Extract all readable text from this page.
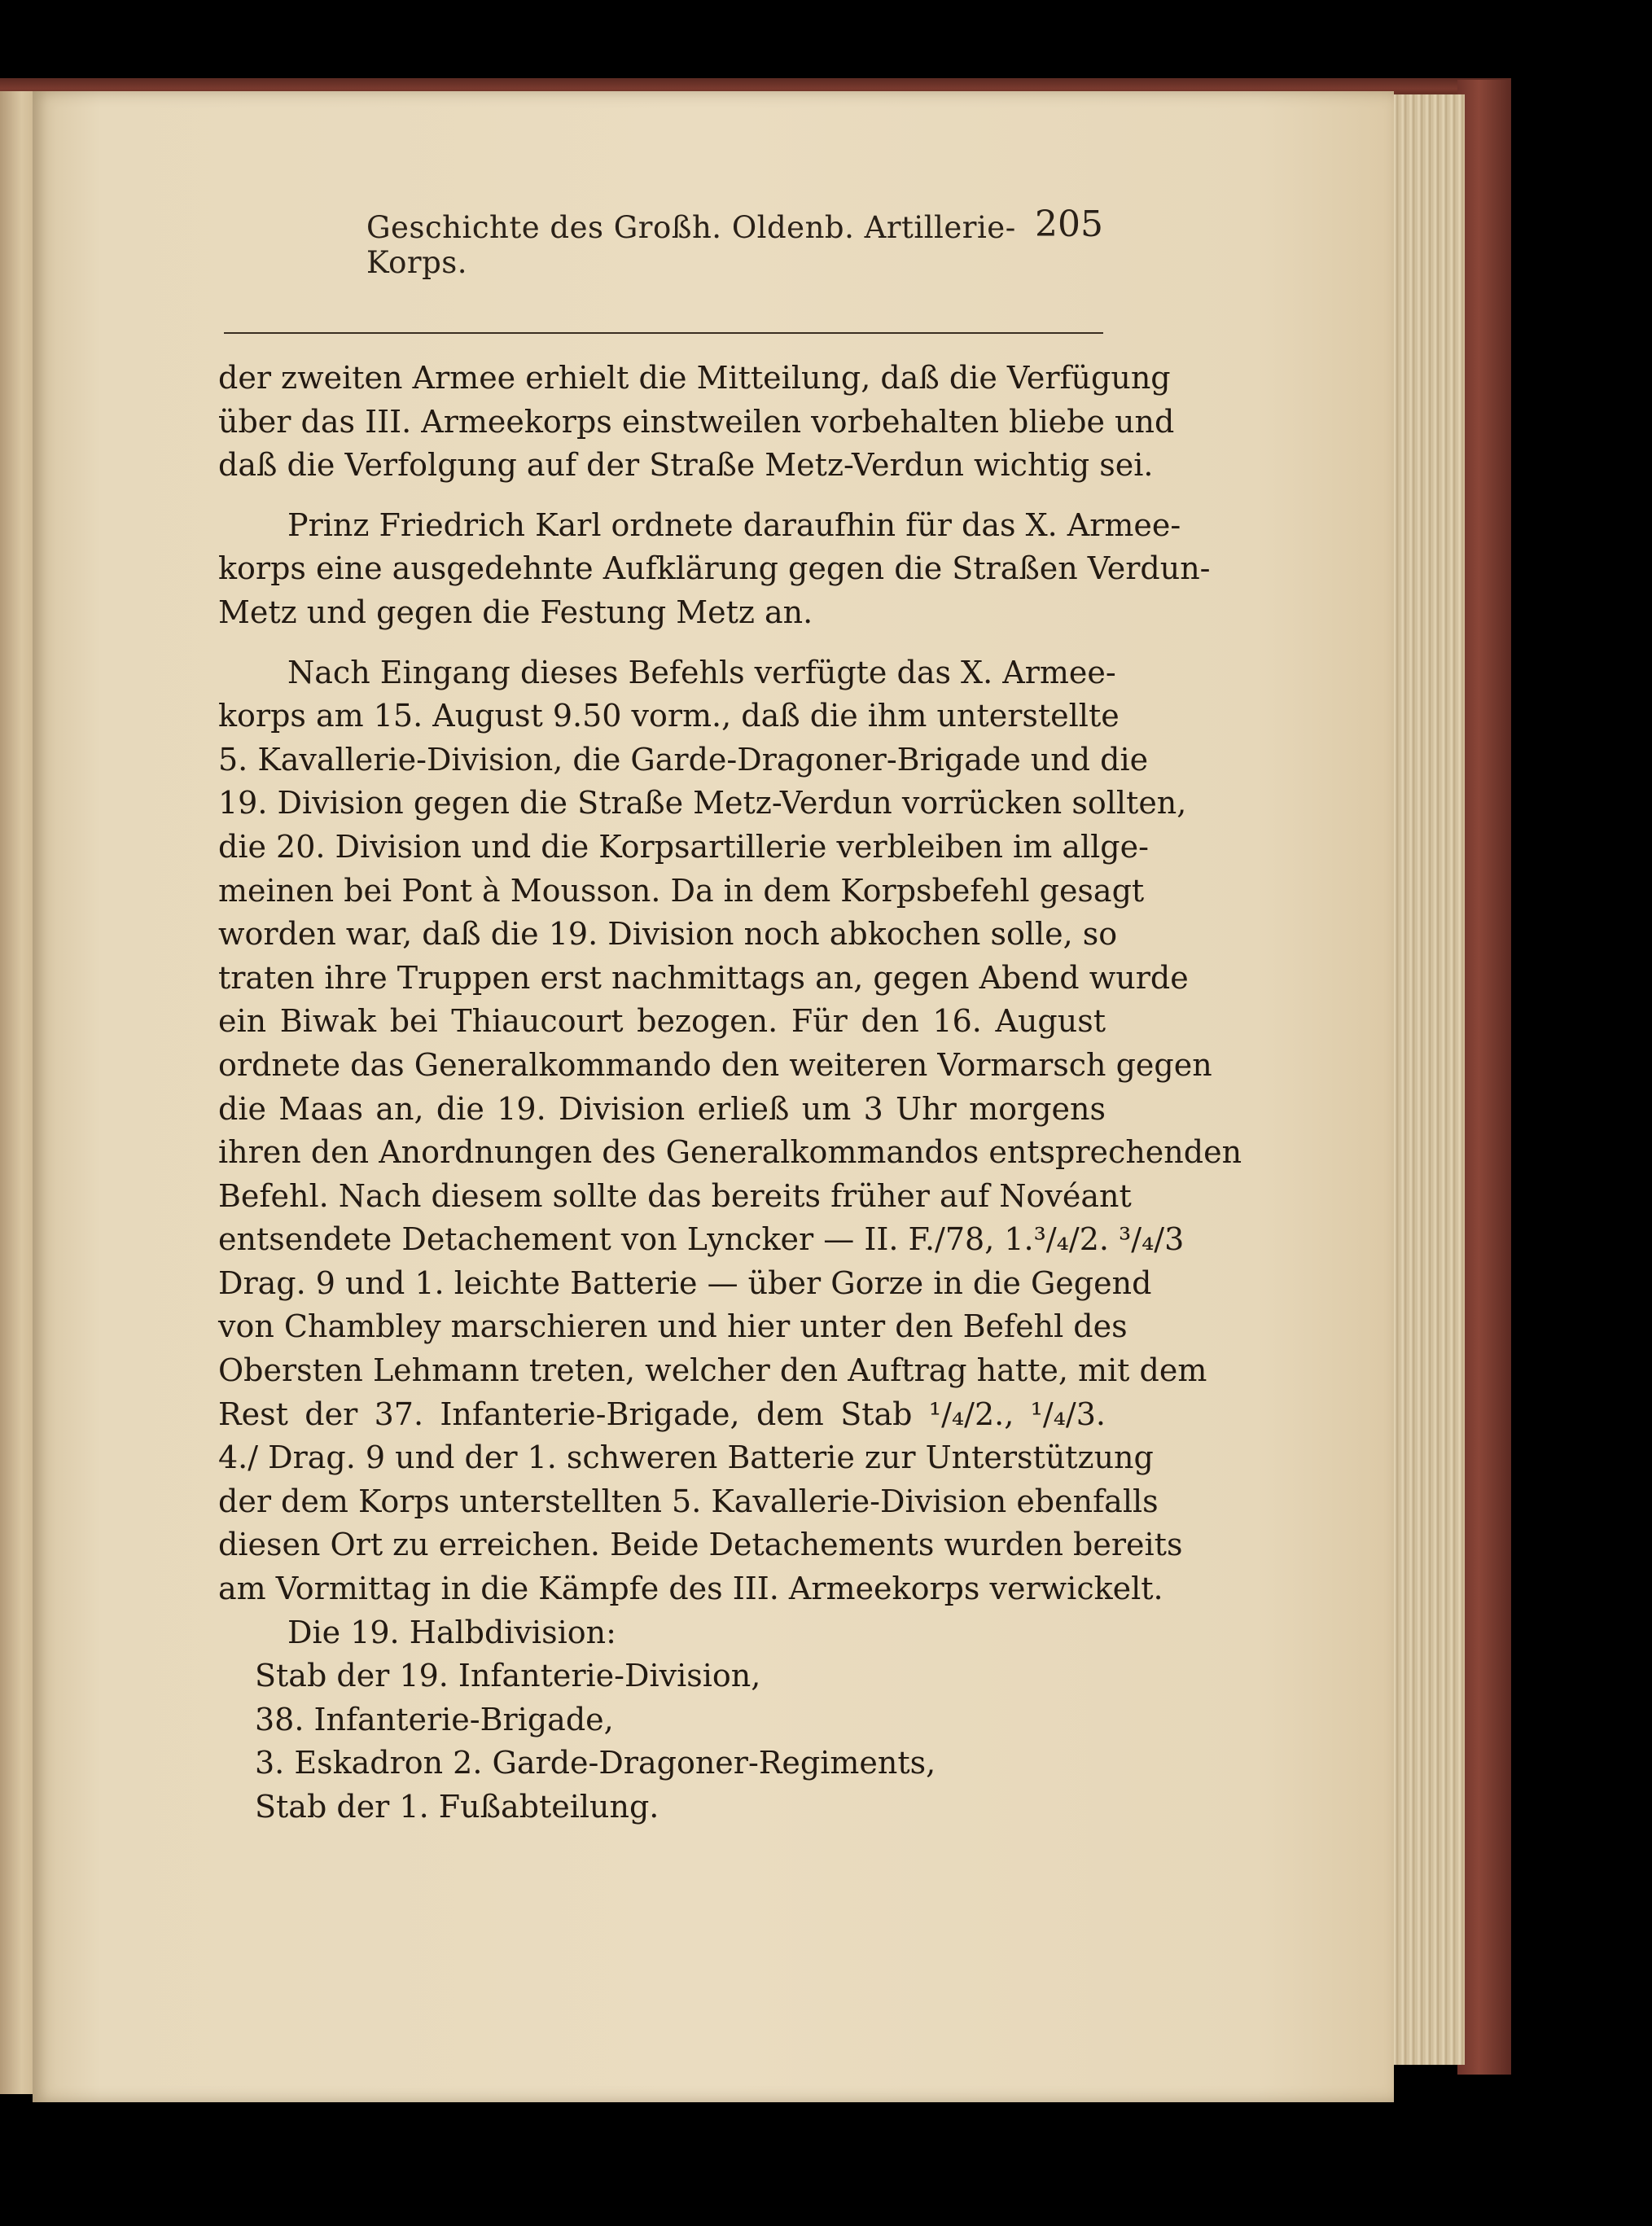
Geschichte des Großh. Oldenb. Artillerie-Korps.
205
der zweiten Armee erhielt die Mitteilung, daß die Verfügung
über das III. Armeekorps einstweilen vorbehalten bliebe und
daß die Verfolgung auf der Straße Metz-Verdun wichtig sei.
Prinz Friedrich Karl ordnete daraufhin für das X. Armee-
korps eine ausgedehnte Aufklärung gegen die Straßen Verdun-
Metz und gegen die Festung Metz an.
Nach Eingang dieses Befehls verfügte das X. Armee-
korps am 15. August 9.50 vorm., daß die ihm unterstellte
5. Kavallerie-Division, die Garde-Dragoner-Brigade und die
19. Division gegen die Straße Metz-Verdun vorrücken sollten,
die 20. Division und die Korpsartillerie verbleiben im allge-
meinen bei Pont à Mousson. Da in dem Korpsbefehl gesagt
worden war, daß die 19. Division noch abkochen solle, so
traten ihre Truppen erst nachmittags an, gegen Abend wurde
ein Biwak bei Thiaucourt bezogen. Für den 16. August
ordnete das Generalkommando den weiteren Vormarsch gegen
die Maas an, die 19. Division erließ um 3 Uhr morgens
ihren den Anordnungen des Generalkommandos entsprechenden
Befehl. Nach diesem sollte das bereits früher auf Novéant
entsendete Detachement von Lyncker — II. F./78, 1.³/₄/2. ³/₄/3
Drag. 9 und 1. leichte Batterie — über Gorze in die Gegend
von Chambley marschieren und hier unter den Befehl des
Obersten Lehmann treten, welcher den Auftrag hatte, mit dem
Rest der 37. Infanterie-Brigade, dem Stab ¹/₄/2., ¹/₄/3.
4./ Drag. 9 und der 1. schweren Batterie zur Unterstützung
der dem Korps unterstellten 5. Kavallerie-Division ebenfalls
diesen Ort zu erreichen. Beide Detachements wurden bereits
am Vormittag in die Kämpfe des III. Armeekorps verwickelt.
Die 19. Halbdivision:
Stab der 19. Infanterie-Division,
38. Infanterie-Brigade,
3. Eskadron 2. Garde-Dragoner-Regiments,
Stab der 1. Fußabteilung.
